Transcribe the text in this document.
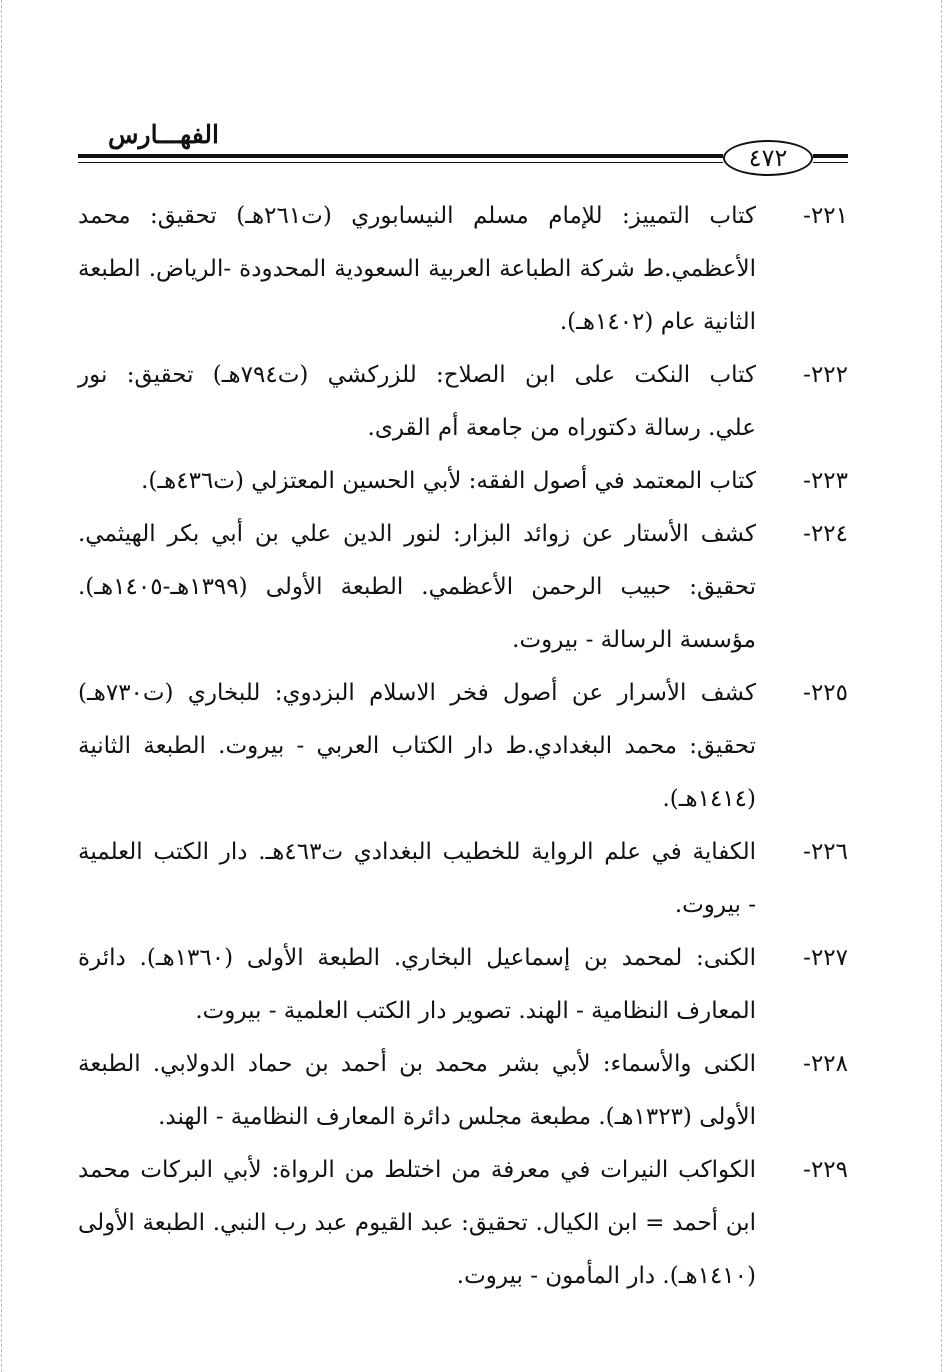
الفهـــارس
٤٧٢
٢٢١-
كتاب التمييز: للإمام مسلم النيسابوري (ت٢٦١هـ) تحقيق: محمد
الأعظمي.ط شركة الطباعة العربية السعودية المحدودة -الرياض. الطبعة
الثانية عام (١٤٠٢هـ).
٢٢٢-
كتاب النكت على ابن الصلاح: للزركشي (ت٧٩٤هـ) تحقيق: نور
علي. رسالة دكتوراه من جامعة أم القرى.
٢٢٣-
كتاب المعتمد في أصول الفقه: لأبي الحسين المعتزلي (ت٤٣٦هـ).
٢٢٤-
كشف الأستار عن زوائد البزار: لنور الدين علي بن أبي بكر الهيثمي.
تحقيق: حبيب الرحمن الأعظمي. الطبعة الأولى (١٣٩٩هـ-١٤٠٥هـ).
مؤسسة الرسالة - بيروت.
٢٢٥-
كشف الأسرار عن أصول فخر الاسلام البزدوي: للبخاري (ت٧٣٠هـ)
تحقيق: محمد البغدادي.ط دار الكتاب العربي - بيروت. الطبعة الثانية
(١٤١٤هـ).
٢٢٦-
الكفاية في علم الرواية للخطيب البغدادي ت٤٦٣هـ. دار الكتب العلمية
- بيروت.
٢٢٧-
الكنى: لمحمد بن إسماعيل البخاري. الطبعة الأولى (١٣٦٠هـ). دائرة
المعارف النظامية - الهند. تصوير دار الكتب العلمية - بيروت.
٢٢٨-
الكنى والأسماء: لأبي بشر محمد بن أحمد بن حماد الدولابي. الطبعة
الأولى (١٣٢٣هـ). مطبعة مجلس دائرة المعارف النظامية - الهند.
٢٢٩-
الكواكب النيرات في معرفة من اختلط من الرواة: لأبي البركات محمد
ابن أحمد = ابن الكيال. تحقيق: عبد القيوم عبد رب النبي. الطبعة الأولى
(١٤١٠هـ). دار المأمون - بيروت.
